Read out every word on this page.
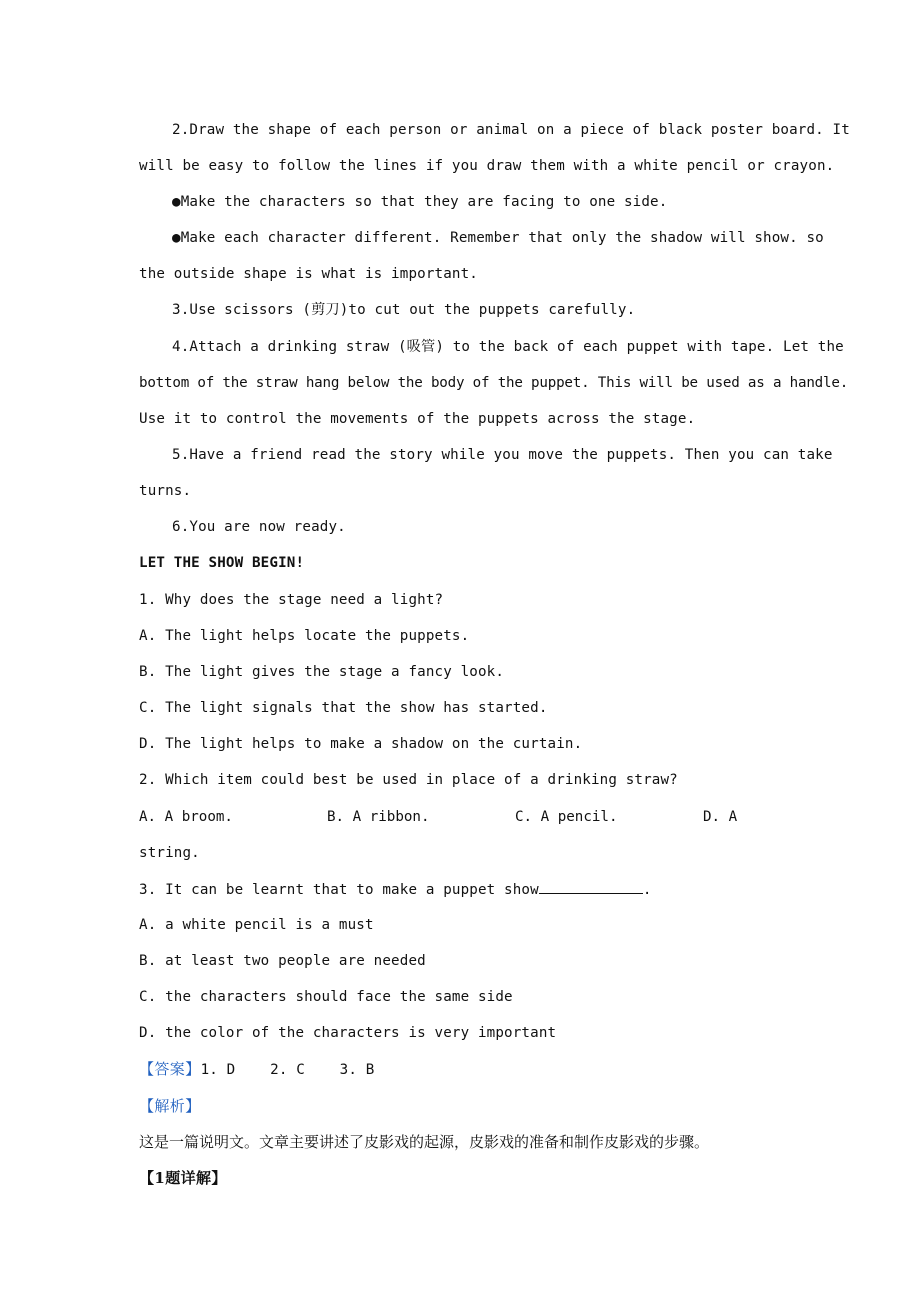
2.Draw the shape of each person or animal on a piece of black poster board. It
will be easy to follow the lines if you draw them with a white pencil or crayon.
●Make the characters so that they are facing to one side.
●Make each character different. Remember that only the shadow will show. so
the outside shape is what is important.
3.Use scissors (剪刀)to cut out the puppets carefully.
4.Attach a drinking straw (吸管) to the back of each puppet with tape. Let the
bottom of the straw hang below the body of the puppet. This will be used as a handle.
Use it to control the movements of the puppets across the stage.
5.Have a friend read the story while you move the puppets. Then you can take
turns.
6.You are now ready.
LET THE SHOW BEGIN!
1. Why does the stage need a light?
A. The light helps locate the puppets.
B. The light gives the stage a fancy look.
C. The light signals that the show has started.
D. The light helps to make a shadow on the curtain.
2. Which item could best be used in place of a drinking straw?
A. A broom.	B. A ribbon.	C. A pencil.	D. A
string.
3. It can be learnt that to make a puppet show	.
A. a white pencil is a must
B. at least two people are needed
C. the characters should face the same side
D. the color of the characters is very important
【答案】1. D    2. C    3. B
【解析】
这是一篇说明文。文章主要讲述了皮影戏的起源，皮影戏的准备和制作皮影戏的步骤。
【1题详解】
